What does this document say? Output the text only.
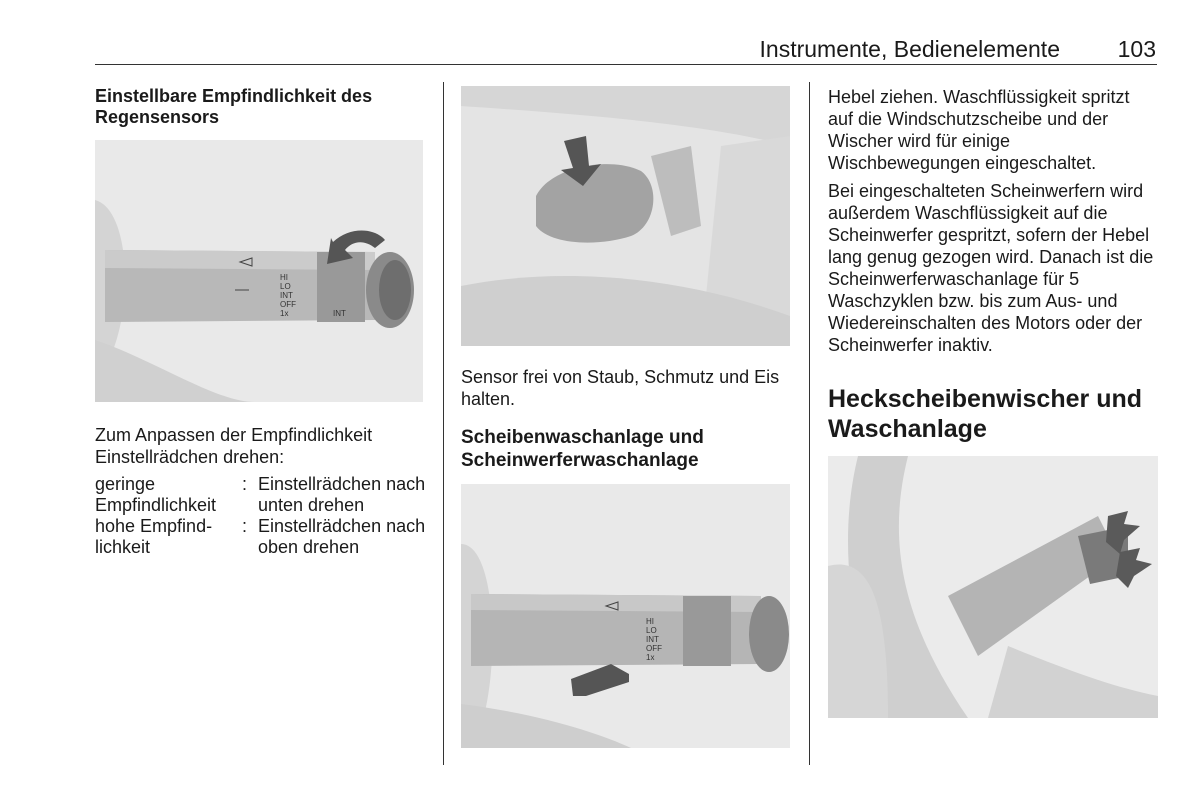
Instrumente, Bedienelemente	103
Einstellbare Empfindlichkeit des Regensensors
HI
LO
INT
OFF
1x	INT
Zum Anpassen der Empfindlichkeit Einstellrädchen drehen:
geringe Empfindlichkeit
: Einstellrädchen nach unten drehen
hohe Empfind-lichkeit
: Einstellrädchen nach oben drehen
Sensor frei von Staub, Schmutz und Eis halten.
Scheibenwaschanlage und Scheinwerferwaschanlage
HI
LO
INT
OFF
1x
Hebel ziehen. Waschflüssigkeit spritzt auf die Windschutzscheibe und der Wischer wird für einige Wischbewegungen eingeschaltet.
Bei eingeschalteten Scheinwerfern wird außerdem Waschflüssigkeit auf die Scheinwerfer gespritzt, sofern der Hebel lang genug gezogen wird. Danach ist die Scheinwerferwaschanlage für 5 Waschzyklen bzw. bis zum Aus- und Wiedereinschalten des Motors oder der Scheinwerfer inaktiv.
Heckscheibenwischer und Waschanlage
